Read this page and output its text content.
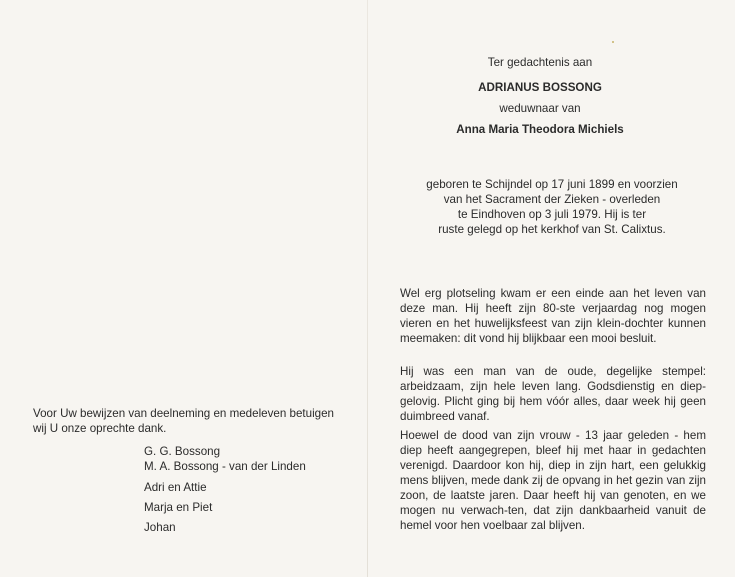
Ter gedachtenis aan

ADRIANUS BOSSONG

weduwnaar van

Anna Maria Theodora Michiels

geboren te Schijndel op 17 juni 1899 en voorzien
van het Sacrament der Zieken - overleden
te Eindhoven op 3 juli 1979. Hij is ter
ruste gelegd op het kerkhof van St. Calixtus.

Wel erg plotseling kwam er een einde aan het leven van deze man. Hij heeft zijn 80-ste verjaardag nog mogen vieren en het huwelijksfeest van zijn klein-dochter kunnen meemaken: dit vond hij blijkbaar een mooi besluit.

Hij was een man van de oude, degelijke stempel: arbeidzaam, zijn hele leven lang. Godsdienstig en diep-gelovig. Plicht ging bij hem vóór alles, daar week hij geen duimbreed vanaf.

Hoewel de dood van zijn vrouw - 13 jaar geleden - hem diep heeft aangegrepen, bleef hij met haar in gedachten verenigd. Daardoor kon hij, diep in zijn hart, een gelukkig mens blijven, mede dank zij de opvang in het gezin van zijn zoon, de laatste jaren. Daar heeft hij van genoten, en we mogen nu verwach-ten, dat zijn dankbaarheid vanuit de hemel voor hen voelbaar zal blijven.

Voor Uw bewijzen van deelneming en medeleven betuigen wij U onze oprechte dank.

G. G. Bossong

M. A. Bossong - van der Linden

Adri en Attie

Marja en Piet

Johan
